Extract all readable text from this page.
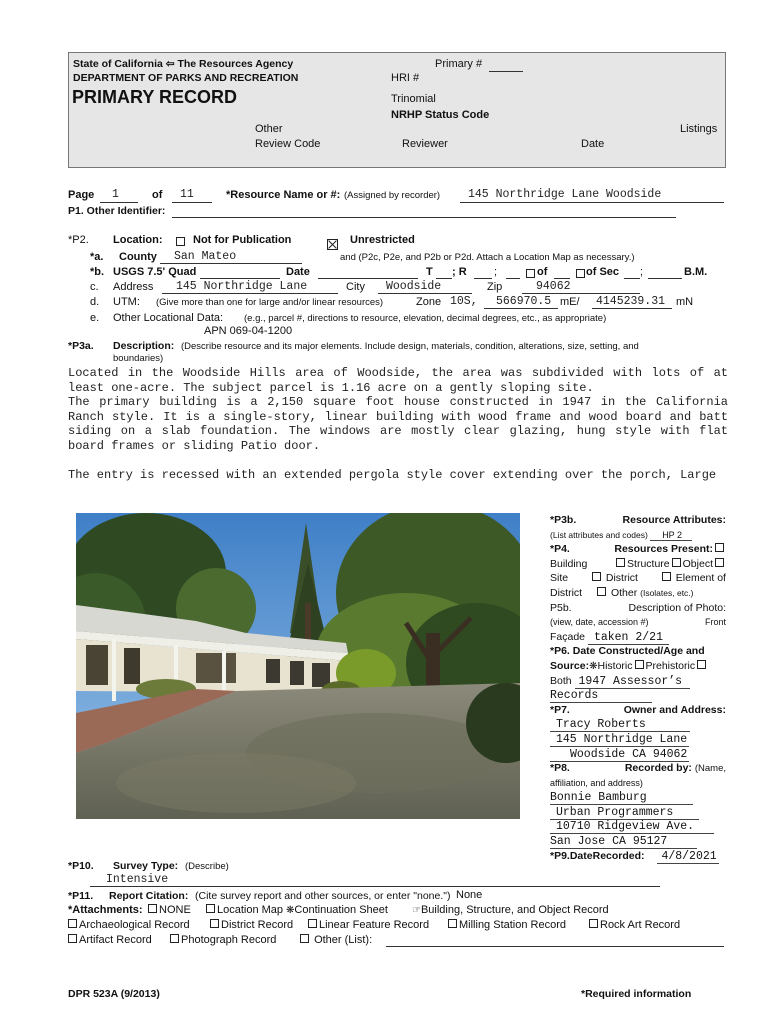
State of California ⇦ The Resources Agency
DEPARTMENT OF PARKS AND RECREATION
PRIMARY RECORD
Primary #
HRI #
Trinomial
NRHP Status Code
Other	Listings
Review Code	Reviewer	Date
Page 1	of 11	*Resource Name or #: (Assigned by recorder) 145 Northridge Lane Woodside
P1. Other Identifier:
*P2. Location:	Not for Publication	Unrestricted
*a. County San Mateo	and (P2c, P2e, and P2b or P2d. Attach a Location Map as necessary.)
*b. USGS 7.5' Quad	Date	T ; R ;	of	of Sec ;	B.M.
c. Address 145 Northridge Lane	City Woodside	Zip	94062
d. UTM: (Give more than one for large and/or linear resources)	Zone 10S, 566970.5 mE/ 4145239.31 mN
e. Other Locational Data: (e.g., parcel #, directions to resource, elevation, decimal degrees, etc., as appropriate)
APN 069-04-1200
*P3a. Description: (Describe resource and its major elements. Include design, materials, condition, alterations, size, setting, and
boundaries)

Located in the Woodside Hills area of Woodside, the area was subdivided with lots of at least one-acre. The subject parcel is 1.16 acre on a gently sloping site.

The primary building is a 2,150 square foot house constructed in 1947 in the California Ranch style. It is a single-story, linear building with wood frame and wood board and batt siding on a slab foundation. The windows are mostly clear glazing, hung style with flat board frames or sliding Patio door.

The entry is recessed with an extended pergola style cover extending over the porch, Large

*P3b.	Resource Attributes:
(List attributes and codes) HP 2
*P4.	Resources Present:
Building	Structure Object
Site	District	Element of
District	Other (Isolates, etc.)
P5b.	Description of Photo:
(view, date, accession #)	Front
Façade taken 2/21
*P6. Date Constructed/Age and
Source:❋Historic Prehistoric
Both 1947 Assessor’s
Records
*P7.	Owner and Address:
Tracy Roberts
145 Northridge Lane
Woodside CA 94062
*P8.	Recorded by: (Name,
affiliation, and address)
Bonnie Bamburg
Urban Programmers
10710 Ridgeview Ave.
San Jose CA 95127
*P9.DateRecorded: 4/8/2021
*P10. Survey Type: (Describe)
Intensive
*P11. Report Citation: (Cite survey report and other sources, or enter "none.") None
*Attachments:	NONE	Location Map ❋Continuation Sheet ☞Building, Structure, and Object Record
Archaeological Record	District Record	Linear Feature Record	Milling Station Record	Rock Art Record
Artifact Record	Photograph Record	Other (List):
DPR 523A (9/2013)	*Required information
